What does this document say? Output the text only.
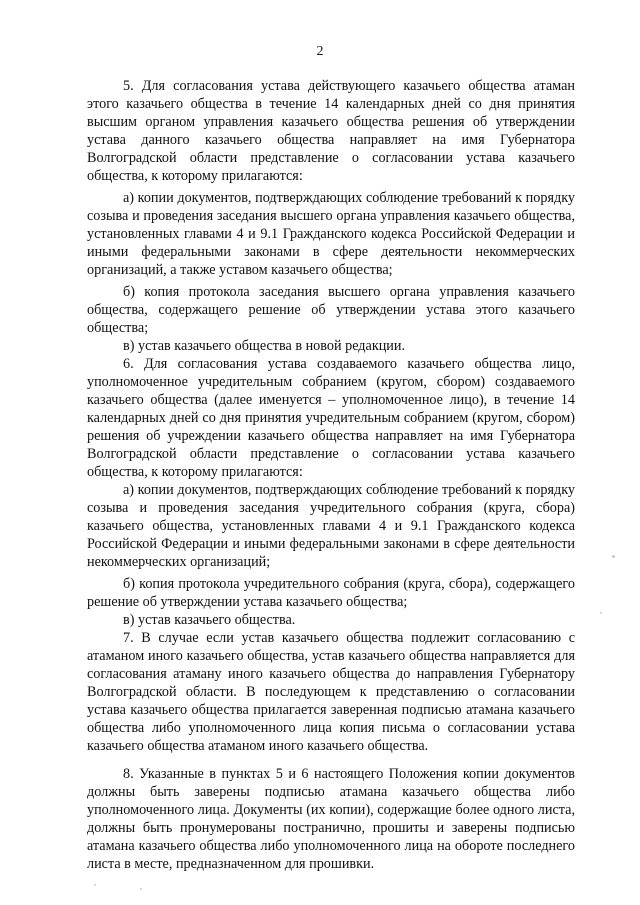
2

5. Для согласования устава действующего казачьего общества атаман этого казачьего общества в течение 14 календарных дней со дня принятия высшим органом управления казачьего общества решения об утверждении устава данного казачьего общества направляет на имя Губернатора Волгоградской области представление о согласовании устава казачьего общества, к которому прилагаются:

а) копии документов, подтверждающих соблюдение требований к порядку созыва и проведения заседания высшего органа управления казачьего общества, установленных главами 4 и 9.1 Гражданского кодекса Российской Федерации и иными федеральными законами в сфере деятельности некоммерческих организаций, а также уставом казачьего общества;

б) копия протокола заседания высшего органа управления казачьего общества, содержащего решение об утверждении устава этого казачьего общества;

в) устав казачьего общества в новой редакции.

6. Для согласования устава создаваемого казачьего общества лицо, уполномоченное учредительным собранием (кругом, сбором) создаваемого казачьего общества (далее именуется – уполномоченное лицо), в течение 14 календарных дней со дня принятия учредительным собранием (кругом, сбором) решения об учреждении казачьего общества направляет на имя Губернатора Волгоградской области представление о согласовании устава казачьего общества, к которому прилагаются:

а) копии документов, подтверждающих соблюдение требований к порядку созыва и проведения заседания учредительного собрания (круга, сбора) казачьего общества, установленных главами 4 и 9.1 Гражданского кодекса Российской Федерации и иными федеральными законами в сфере деятельности некоммерческих организаций;

б) копия протокола учредительного собрания (круга, сбора), содержащего решение об утверждении устава казачьего общества;

в) устав казачьего общества.

7. В случае если устав казачьего общества подлежит согласованию с атаманом иного казачьего общества, устав казачьего общества направляется для согласования атаману иного казачьего общества до направления Губернатору Волгоградской области. В последующем к представлению о согласовании устава казачьего общества прилагается заверенная подписью атамана казачьего общества либо уполномоченного лица копия письма о согласовании устава казачьего общества атаманом иного казачьего общества.

8. Указанные в пунктах 5 и 6 настоящего Положения копии документов должны быть заверены подписью атамана казачьего общества либо уполномоченного лица. Документы (их копии), содержащие более одного листа, должны быть пронумерованы постранично, прошиты и заверены подписью атамана казачьего общества либо уполномоченного лица на обороте последнего листа в месте, предназначенном для прошивки.
